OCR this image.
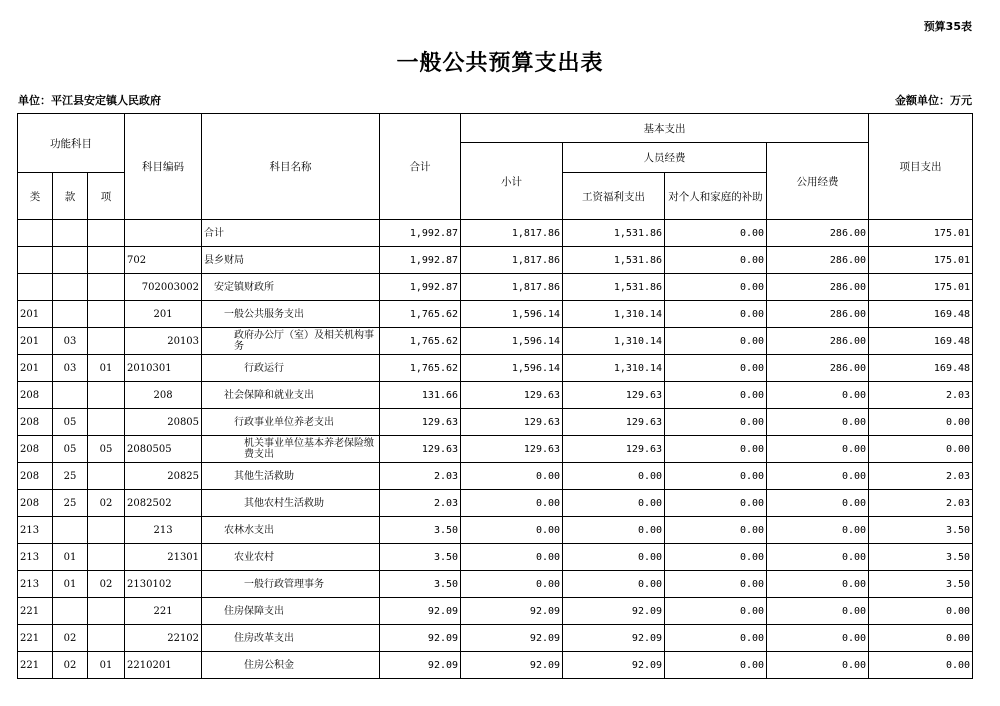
预算35表
一般公共预算支出表
单位：平江县安定镇人民政府	金额单位：万元
功能科目			科目编码	科目名称	合计	基本支出				项目支出
						小计	人员经费		公用经费	
类	款	项					工资福利支出	对个人和家庭的补助		
				合计	1,992.87	1,817.86	1,531.86	0.00	286.00	175.01
			702	县乡财局	1,992.87	1,817.86	1,531.86	0.00	286.00	175.01
			702003002	安定镇财政所	1,992.87	1,817.86	1,531.86	0.00	286.00	175.01
201			201	一般公共服务支出	1,765.62	1,596.14	1,310.14	0.00	286.00	169.48
201	03		20103	政府办公厅（室）及相关机构事务	1,765.62	1,596.14	1,310.14	0.00	286.00	169.48
201	03	01	2010301	行政运行	1,765.62	1,596.14	1,310.14	0.00	286.00	169.48
208			208	社会保障和就业支出	131.66	129.63	129.63	0.00	0.00	2.03
208	05		20805	行政事业单位养老支出	129.63	129.63	129.63	0.00	0.00	0.00
208	05	05	2080505	机关事业单位基本养老保险缴费支出	129.63	129.63	129.63	0.00	0.00	0.00
208	25		20825	其他生活救助	2.03	0.00	0.00	0.00	0.00	2.03
208	25	02	2082502	其他农村生活救助	2.03	0.00	0.00	0.00	0.00	2.03
213			213	农林水支出	3.50	0.00	0.00	0.00	0.00	3.50
213	01		21301	农业农村	3.50	0.00	0.00	0.00	0.00	3.50
213	01	02	2130102	一般行政管理事务	3.50	0.00	0.00	0.00	0.00	3.50
221			221	住房保障支出	92.09	92.09	92.09	0.00	0.00	0.00
221	02		22102	住房改革支出	92.09	92.09	92.09	0.00	0.00	0.00
221	02	01	2210201	住房公积金	92.09	92.09	92.09	0.00	0.00	0.00
